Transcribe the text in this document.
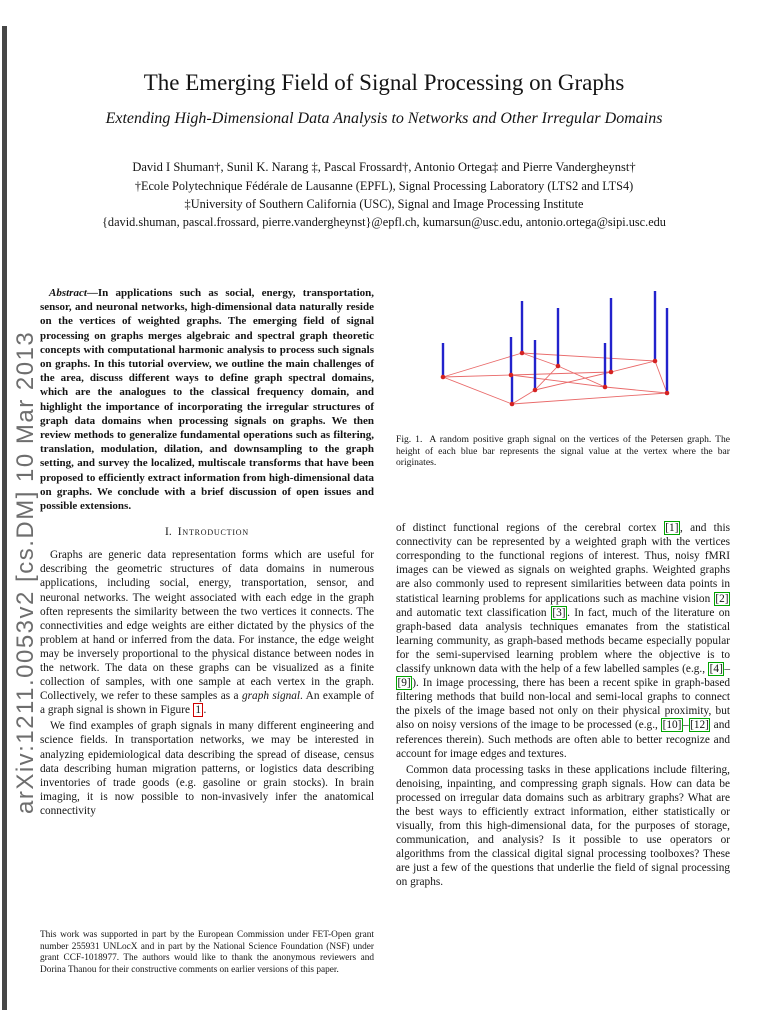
arXiv:1211.0053v2 [cs.DM] 10 Mar 2013
The Emerging Field of Signal Processing on Graphs
Extending High-Dimensional Data Analysis to Networks and Other Irregular Domains
David I Shuman†, Sunil K. Narang ‡, Pascal Frossard†, Antonio Ortega‡ and Pierre Vandergheynst†
†Ecole Polytechnique Fédérale de Lausanne (EPFL), Signal Processing Laboratory (LTS2 and LTS4)
‡University of Southern California (USC), Signal and Image Processing Institute
{david.shuman, pascal.frossard, pierre.vandergheynst}@epfl.ch, kumarsun@usc.edu, antonio.ortega@sipi.usc.edu

Abstract—In applications such as social, energy, transportation, sensor, and neuronal networks, high-dimensional data naturally reside on the vertices of weighted graphs. The emerging field of signal processing on graphs merges algebraic and spectral graph theoretic concepts with computational harmonic analysis to process such signals on graphs. In this tutorial overview, we outline the main challenges of the area, discuss different ways to define graph spectral domains, which are the analogues to the classical frequency domain, and highlight the importance of incorporating the irregular structures of graph data domains when processing signals on graphs. We then review methods to generalize fundamental operations such as filtering, translation, modulation, dilation, and downsampling to the graph setting, and survey the localized, multiscale transforms that have been proposed to efficiently extract information from high-dimensional data on graphs. We conclude with a brief discussion of open issues and possible extensions.

I. Introduction

Graphs are generic data representation forms which are useful for describing the geometric structures of data domains in numerous applications, including social, energy, transportation, sensor, and neuronal networks. The weight associated with each edge in the graph often represents the similarity between the two vertices it connects. The connectivities and edge weights are either dictated by the physics of the problem at hand or inferred from the data. For instance, the edge weight may be inversely proportional to the physical distance between nodes in the network. The data on these graphs can be visualized as a finite collection of samples, with one sample at each vertex in the graph. Collectively, we refer to these samples as a graph signal. An example of a graph signal is shown in Figure 1 .

We find examples of graph signals in many different engineering and science fields. In transportation networks, we may be interested in analyzing epidemiological data describing the spread of disease, census data describing human migration patterns, or logistics data describing inventories of trade goods (e.g. gasoline or grain stocks). In brain imaging, it is now possible to non-invasively infer the anatomical connectivity

This work was supported in part by the European Commission under FET-Open grant number 255931 UNLocX and in part by the National Science Foundation (NSF) under grant CCF-1018977. The authors would like to thank the anonymous reviewers and Dorina Thanou for their constructive comments on earlier versions of this paper.
Fig. 1. A random positive graph signal on the vertices of the Petersen graph. The height of each blue bar represents the signal value at the vertex where the bar originates.

of distinct functional regions of the cerebral cortex [1] , and this connectivity can be represented by a weighted graph with the vertices corresponding to the functional regions of interest. Thus, noisy fMRI images can be viewed as signals on weighted graphs. Weighted graphs are also commonly used to represent similarities between data points in statistical learning problems for applications such as machine vision [2] and automatic text classification [3] . In fact, much of the literature on graph-based data analysis techniques emanates from the statistical learning community, as graph-based methods became especially popular for the semi-supervised learning problem where the objective is to classify unknown data with the help of a few labelled samples (e.g., [4] –[9] ). In image processing, there has been a recent spike in graph-based filtering methods that build non-local and semi-local graphs to connect the pixels of the image based not only on their physical proximity, but also on noisy versions of the image to be processed (e.g., [10] – [12] and references therein). Such methods are often able to better recognize and account for image edges and textures.

Common data processing tasks in these applications include filtering, denoising, inpainting, and compressing graph signals. How can data be processed on irregular data domains such as arbitrary graphs? What are the best ways to efficiently extract information, either statistically or visually, from this high-dimensional data, for the purposes of storage, communication, and analysis? Is it possible to use operators or algorithms from the classical digital signal processing toolboxes? These are just a few of the questions that underlie the field of signal processing on graphs.
